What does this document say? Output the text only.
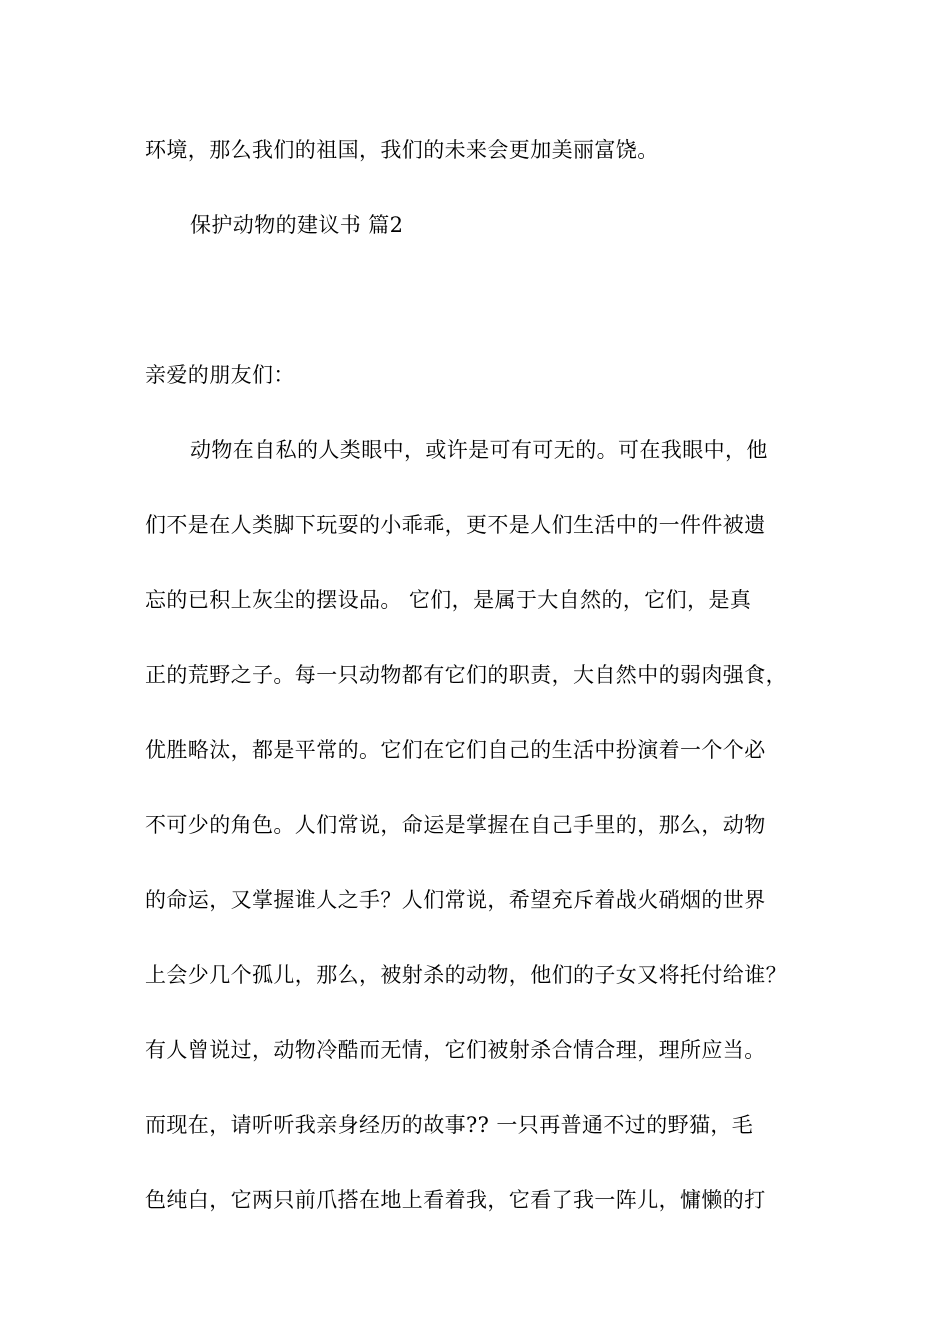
环境，那么我们的祖国，我们的未来会更加美丽富饶。
保护动物的建议书 篇2
亲爱的朋友们：
动物在自私的人类眼中，或许是可有可无的。可在我眼中，他
们不是在人类脚下玩耍的小乖乖，更不是人们生活中的一件件被遗
忘的已积上灰尘的摆设品。 它们，是属于大自然的，它们，是真
正的荒野之子。每一只动物都有它们的职责，大自然中的弱肉强食，
优胜略汰，都是平常的。它们在它们自己的生活中扮演着一个个必
不可少的角色。人们常说，命运是掌握在自己手里的，那么，动物
的命运，又掌握谁人之手？人们常说，希望充斥着战火硝烟的世界
上会少几个孤儿，那么，被射杀的动物，他们的子女又将托付给谁？
有人曾说过，动物冷酷而无情，它们被射杀合情合理，理所应当。
而现在，请听听我亲身经历的故事?? 一只再普通不过的野猫，毛
色纯白，它两只前爪搭在地上看着我，它看了我一阵儿，慵懒的打
